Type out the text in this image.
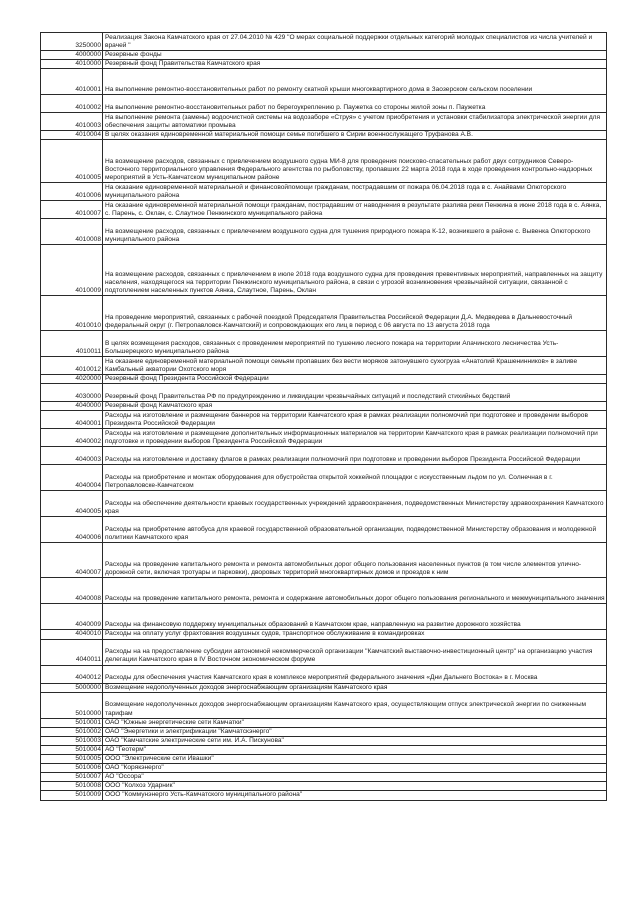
3250000	Реализация Закона Камчатского края от 27.04.2010 № 429 "О мерах социальной поддержки отдельных категорий молодых специалистов из числа учителей и врачей "
4000000	Резервные фонды
4010000	Резервный фонд Правительства Камчатского края
4010001	На выполнение ремонтно-восстановительных работ по ремонту скатной крыши многоквартирного дома в Заозерском сельском поселении
4010002	На выполнение ремонтно-восстановительных работ по берегоукреплению р. Паужетка со стороны жилой зоны п. Паужетка
4010003	На выполнение ремонта (замены) водоочистной системы на водозаборе «Струя» с учетом приобретения и установки стабилизатора электрической энергии для обеспечения защиты автоматики промыва
4010004	В целях оказания единовременной материальной помощи семье погибшего в Сирии военнослужащего Труфанова А.В.
4010005	На возмещение расходов, связанных с привлечением воздушного судна МИ-8 для проведения поисково-спасательных работ двух сотрудников Северо-Восточного территориального управления Федерального агентства по рыболовству, пропавших 22 марта 2018 года в ходе проведения контрольно-надзорных мероприятий в Усть-Камчатском муниципальном районе
4010006	На оказание единовременной материальной и финансовойпомощи гражданам, пострадавшим от пожара 06.04.2018 года в с. Анайвами Олюторского муниципального района
4010007	На оказание единовременной материальной помощи гражданам, пострадавшим от наводнения в результате разлива реки Пенжина в июне 2018 года в с. Аянка, с. Парень, с. Оклан, с. Слаутное Пенжинского муниципального района
4010008	На возмещение расходов, связанных с привлечением воздушного судна для тушения природного пожара К-12, возникшего в районе с. Вывенка Олюторского муниципального района
4010009	На возмещение расходов, связанных с привлечением в июле 2018 года воздушного судна для проведения превентивных мероприятий, направленных на защиту населения, находящегося на территории Пенжинского муниципального района, в связи с угрозой возникновения чрезвычайной ситуации, связанной с подтоплением населенных пунктов Аянка, Слаутное, Парень, Оклан
4010010	На проведение мероприятий, связанных с рабочей поездкой Председателя Правительства Российской Федерации Д.А. Медведева в Дальневосточный федеральный округ (г. Петропавловск-Камчатский) и сопровождающих его лиц в период с 06 августа по 13 августа 2018 года
4010011	В целях возмещения расходов, связанных с проведением мероприятий по тушению лесного пожара на территории Апачинского лесничества Усть-Большерецкого муниципального района
4010012	На оказание единовременной материальной помощи семьям пропавших без вести моряков затонувшего сухогруза «Анатолий Крашенинников» в заливе Камбальный акватории Охотского моря
4020000	Резервный фонд Президента Российской Федерации
4030000	Резервный фонд Правительства РФ по предупреждению и ликвидации чрезвычайных ситуаций и последствий стихийных бедствий
4040000	Резервный фонд Камчатского края
4040001	Расходы на изготовление и размещение баннеров на территории Камчатского края в рамках реализации полномочий при подготовке и проведении выборов Президента Российской Федерации
4040002	Расходы на изготовление и размещение дополнительных информационных материалов на территории Камчатского края в рамках реализации полномочий при подготовке и проведении выборов Президента Российской Федерации
4040003	Расходы на изготовление и доставку флагов в рамках реализации полномочий при подготовке и проведении выборов Президента Российской Федерации
4040004	Расходы на приобретение и монтаж оборудования для обустройства открытой хоккейной площадки с искусственным льдом по ул. Солнечная в г. Петропавловске-Камчатском
4040005	Расходы на обеспечение деятельности краевых государственных учреждений здравоохранения, подведомственных Министерству здравоохранения Камчатского края
4040006	Расходы на приобретение автобуса для краевой государственной образовательной организации, подведомственной Министерству образования и молодежной политики Камчатского края
4040007	Расходы на проведение капитального ремонта и ремонта автомобильных дорог общего пользования населенных пунктов (в том числе элементов улично-дорожной сети, включая тротуары и парковки), дворовых территорий многоквартирных домов и проездов к ним
4040008	Расходы на проведение капитального ремонта, ремонта и содержание автомобильных дорог общего пользования регионального и межмуниципального значения
4040009	Расходы на финансовую поддержку муниципальных образований в Камчатском крае, направленную на развитие дорожного хозяйства
4040010	Расходы на оплату услуг фрахтования воздушных судов, транспортное обслуживание в командировках
4040011	Расходы на на предоставление субсидии автономной некоммерческой организации "Камчатский выставочно-инвестиционный центр" на организацию участия делегации Камчатского края в IV Восточном экономическом форуме
4040012	Расходы для обеспечения участия Камчатского края в комплексе мероприятий федерального значения «Дни Дальнего Востока» в г. Москва
5000000	Возмещение недополученных доходов энергоснабжающим организациям Камчатского края
5010000	Возмещение недополученных доходов энергоснабжающим организациям Камчатского края, осуществляющим отпуск электрической энергии по сниженным тарифам
5010001	ОАО "Южные энергетические сети Камчатки"
5010002	ОАО "Энергетики и электрификации "Камчатскэнерго"
5010003	ОАО "Камчатские электрические сети им. И.А. Пискунова"
5010004	АО "Геотерм"
5010005	ООО "Электрические сети Ивашки"
5010006	ОАО "Корякэнерго"
5010007	АО "Оссора"
5010008	ООО "Колхоз Ударник"
5010009	ООО "Коммунэнерго Усть-Камчатского муниципального района"
